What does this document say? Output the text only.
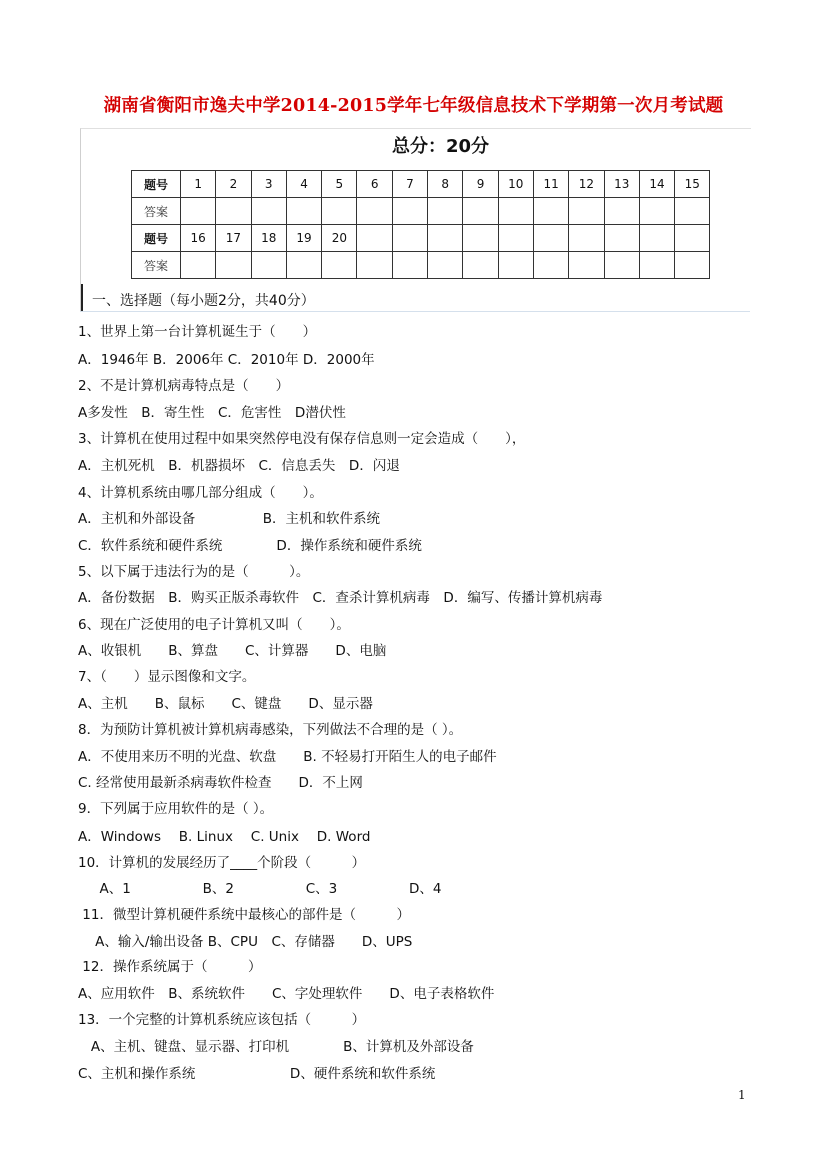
湖南省衡阳市逸夫中学2014-2015学年七年级信息技术下学期第一次月考试题
总分：20分
题号	1	2	3	4	5	6	7	8	9	10	11	12	13	14	15
答案															
题号	16	17	18	19	20										
答案															
一、选择题（每小题2分，共40分）
1、世界上第一台计算机诞生于（　　）
A．1946年 B．2006年 C．2010年 D．2000年
2、不是计算机病毒特点是（　　）
A多发性　B．寄生性　C．危害性　D潜伏性
3、计算机在使用过程中如果突然停电没有保存信息则一定会造成（　　），
A．主机死机　B．机器损坏　C．信息丢失　D．闪退
4、计算机系统由哪几部分组成（　　）。
A．主机和外部设备　　　　　B．主机和软件系统
C．软件系统和硬件系统　　　　D．操作系统和硬件系统
5、以下属于违法行为的是（　　　）。
A．备份数据　B．购买正版杀毒软件　C．查杀计算机病毒　D．编写、传播计算机病毒
6、现在广泛使用的电子计算机又叫（　　）。
A、收银机　　B、算盘　　C、计算器　　D、电脑
7、（　　）显示图像和文字。
A、主机　　B、鼠标　　C、键盘　　D、显示器
8．为预防计算机被计算机病毒感染，下列做法不合理的是（ ）。
A．不使用来历不明的光盘、软盘　　B. 不轻易打开陌生人的电子邮件
C. 经常使用最新杀病毒软件检查　　D．不上网
9．下列属于应用软件的是（ ）。
A．Windows　 B. Linux　 C. Unix　 D. Word
10．计算机的发展经历了____个阶段（　　　）
A、1　　　　　 B、2　　　　　 C、3　　　　　 D、4
11．微型计算机硬件系统中最核心的部件是（　　　）
A、输入/输出设备 B、CPU　C、存储器　　D、UPS
12．操作系统属于（　　　）
A、应用软件　B、系统软件　　C、字处理软件　　D、电子表格软件
13．一个完整的计算机系统应该包括（　　　）
A、主机、键盘、显示器、打印机　　　　B、计算机及外部设备
C、主机和操作系统　　　　　　　D、硬件系统和软件系统
1
